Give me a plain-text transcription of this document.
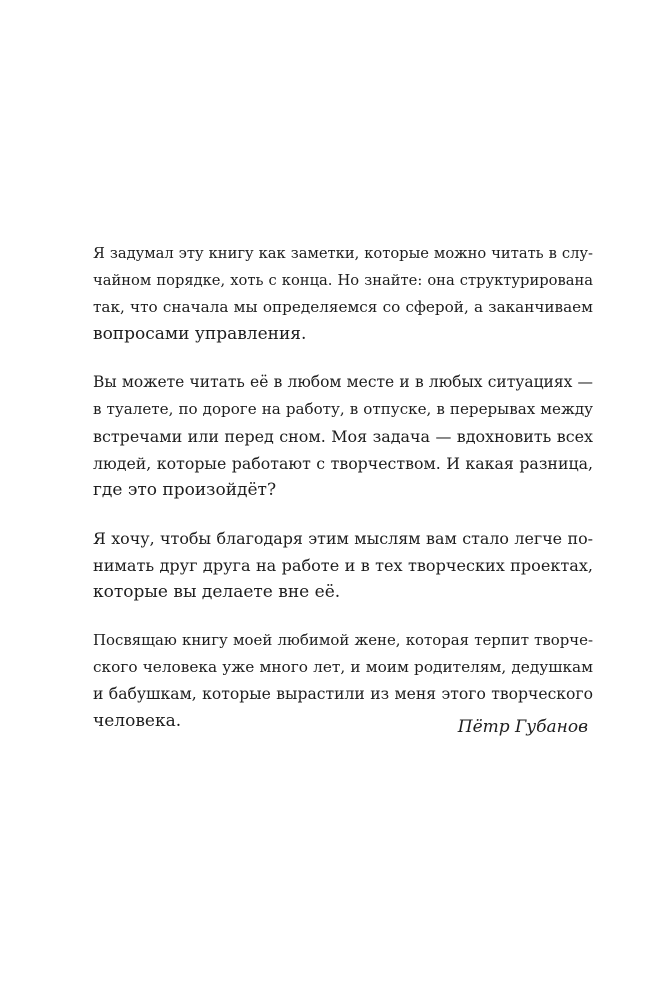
Я задумал эту книгу как заметки, которые можно читать в слу-
чайном порядке, хоть с конца. Но знайте: она структурирована
так, что сначала мы определяемся со сферой, а заканчиваем
вопросами управления.
Вы можете читать её в любом месте и в любых ситуациях —
в туалете, по дороге на работу, в отпуске, в перерывах между
встречами или перед сном. Моя задача — вдохновить всех
людей, которые работают с творчеством. И какая разница,
где это произойдёт?
Я хочу, чтобы благодаря этим мыслям вам стало легче по-
нимать друг друга на работе и в тех творческих проектах,
которые вы делаете вне её.
Посвящаю книгу моей любимой жене, которая терпит творче-
ского человека уже много лет, и моим родителям, дедушкам
и бабушкам, которые вырастили из меня этого творческого
человека.	Пётр Губанов
